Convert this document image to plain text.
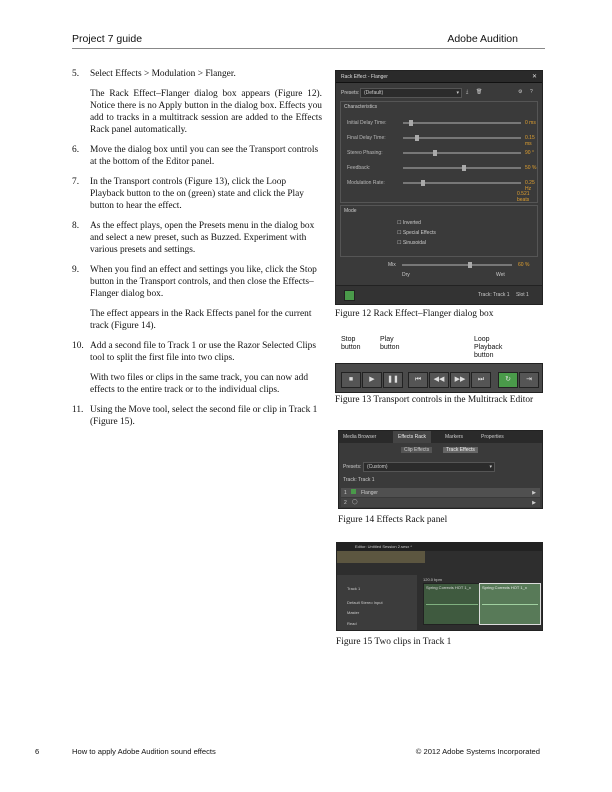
Project 7 guide	Adobe Audition
5.	Select Effects > Modulation > Flanger.
The Rack Effect–Flanger dialog box appears (Figure 12). Notice there is no Apply button in the dialog box. Effects you add to tracks in a multitrack session are added to the Effects Rack panel automatically.
6.	Move the dialog box until you can see the Transport controls at the bottom of the Editor panel.
7.	In the Transport controls (Figure 13), click the Loop Playback button to the on (green) state and click the Play button to hear the effect.
8.	As the effect plays, open the Presets menu in the dialog box and select a new preset, such as Buzzed. Experiment with various presets and settings.
9.	When you find an effect and settings you like, click the Stop button in the Transport controls, and then close the Effects–Flanger dialog box.
The effect appears in the Rack Effects panel for the current track (Figure 14).
10. Add a second file to Track 1 or use the Razor Selected Clips tool to split the first file into two clips.
With two files or clips in the same track, you can now add effects to the entire track or to the individual clips.
11. Using the Move tool, select the second file or clip in Track 1 (Figure 15).
Rack Effect - Flanger	✕
Presets: (Default)	▾ ⤓ 🗑	⚙ ?
Characteristics
Initial Delay Time:	0 ms
Final Delay Time:	0.15 ms
Stereo Phasing:	90 °
Feedback:	50 %
Modulation Rate:	0.25 Hz
0.521 beats
Mode
☐ Inverted
☐ Special Effects
☐ Sinusoidal
Mix	60 %
Dry	Wet
Track: Track 1 Slot 1
Figure 12 Rack Effect–Flanger dialog box
Stop button
Play button
Loop Playback button
■	▶	❚❚	⏮	◀◀	▶▶	⏭	↻	⇥
Figure 13 Transport controls in the Multitrack Editor
Media Browser	Effects Rack	Markers	Properties
Clip Effects	Track Effects
Presets: (Custom)	▾
Track: Track 1
1	Flanger	▶
2 ◯	▶
Figure 14 Effects Rack panel
Editor: Untitled Session 2.sesx *
Track 1
Default Stereo Input
Master
Read
120.0 bpm
Spring Corrects HOT 1_x	Spring Corrects HOT 1_x
Figure 15 Two clips in Track 1
6	How to apply Adobe Audition sound effects	© 2012 Adobe Systems Incorporated
